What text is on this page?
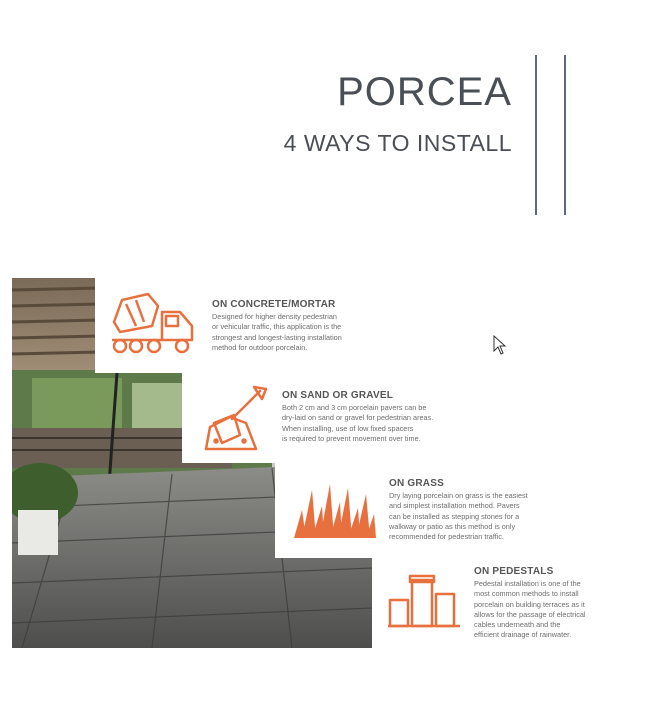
PORCEA
4 WAYS TO INSTALL
ON CONCRETE/MORTAR
Designed for higher density pedestrian
or vehicular traffic, this application is the
strongest and longest-lasting installation
method for outdoor porcelain.
ON SAND OR GRAVEL
Both 2 cm and 3 cm porcelain pavers can be
dry-laid on sand or gravel for pedestrian areas.
When installing, use of low fixed spacers
is required to prevent movement over time.
ON GRASS
Dry laying porcelain on grass is the easiest
and simplest installation method. Pavers
can be installed as stepping stones for a
walkway or patio as this method is only
recommended for pedestrian traffic.
ON PEDESTALS
Pedestal installation is one of the
most common methods to install
porcelain on building terraces as it
allows for the passage of electrical
cables underneath and the
efficient drainage of rainwater.
